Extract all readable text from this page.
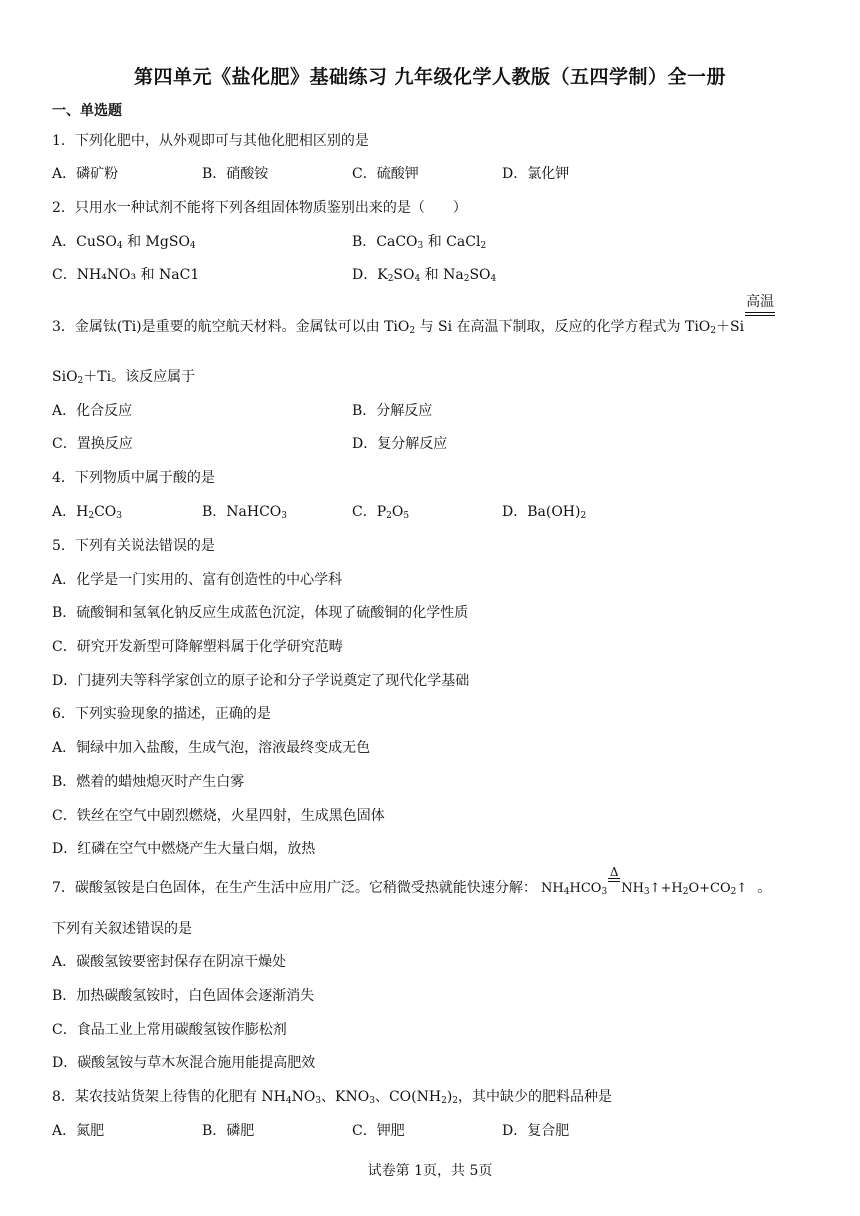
第四单元《盐化肥》基础练习 九年级化学人教版（五四学制）全一册
一、单选题
1．下列化肥中，从外观即可与其他化肥相区别的是
A．磷矿粉	B．硝酸铵	C．硫酸钾	D．氯化钾
2．只用水一种试剂不能将下列各组固体物质鉴别出来的是（　　）
A．CuSO$_4$ 和 MgSO$_4$	B．CaCO$_3$ 和 CaCl$_2$
C．NH₄NO₃ 和 NaC1	D．$K_2SO_4$ 和 $Na_2SO_4$
3．金属钛(Ti)是重要的航空航天材料。金属钛可以由 TiO$_2$ 与 Si 在高温下制取，反应的化学方程式为 TiO$_2$＋Si
高温
SiO$_2$＋Ti。该反应属于
A．化合反应	B．分解反应
C．置换反应	D．复分解反应
4．下列物质中属于酸的是
A．$H_2CO_3$	B．NaHCO$_3$	C．$P_2O_5$	D．$Ba(OH)_2$
5．下列有关说法错误的是
A．化学是一门实用的、富有创造性的中心学科
B．硫酸铜和氢氧化钠反应生成蓝色沉淀，体现了硫酸铜的化学性质
C．研究开发新型可降解塑料属于化学研究范畴
D．门捷列夫等科学家创立的原子论和分子学说奠定了现代化学基础
6．下列实验现象的描述，正确的是
A．铜绿中加入盐酸，生成气泡，溶液最终变成无色
B．燃着的蜡烛熄灭时产生白雾
C．铁丝在空气中剧烈燃烧，火星四射，生成黑色固体
D．红磷在空气中燃烧产生大量白烟，放热
7．碳酸氢铵是白色固体，在生产生活中应用广泛。它稍微受热就能快速分解： $NH_4HCO_3$
Δ
$NH_3↑+H_2O+CO_2↑$ 。
下列有关叙述错误的是
A．碳酸氢铵要密封保存在阴凉干燥处
B．加热碳酸氢铵时，白色固体会逐渐消失
C．食品工业上常用碳酸氢铵作膨松剂
D．碳酸氢铵与草木灰混合施用能提高肥效
8．某农技站货架上待售的化肥有 $NH_4NO_3$、$KNO_3$、$CO(NH_2)_2$，其中缺少的肥料品种是
A．氮肥	B．磷肥	C．钾肥	D．复合肥
试卷第 1页，共 5页
